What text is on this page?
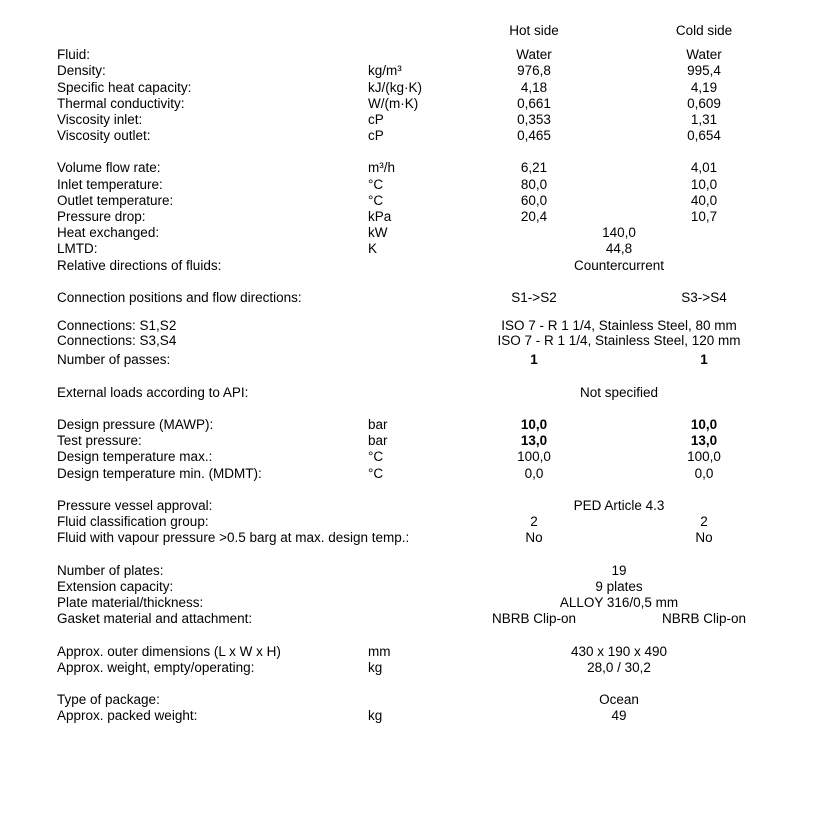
Hot side	Cold side
Fluid:	Water	Water
Density:	kg/m³	976,8	995,4
Specific heat capacity:	kJ/(kg·K)	4,18	4,19
Thermal conductivity:	W/(m·K)	0,661	0,609
Viscosity inlet:	cP	0,353	1,31
Viscosity outlet:	cP	0,465	0,654
Volume flow rate:	m³/h	6,21	4,01
Inlet temperature:	°C	80,0	10,0
Outlet temperature:	°C	60,0	40,0
Pressure drop:	kPa	20,4	10,7
Heat exchanged:	kW	140,0
LMTD:	K	44,8
Relative directions of fluids:	Countercurrent
Connection positions and flow directions:	S1->S2	S3->S4
Connections: S1,S2	ISO 7 - R 1 1/4, Stainless Steel, 80 mm
Connections: S3,S4	ISO 7 - R 1 1/4, Stainless Steel, 120 mm
Number of passes:	1	1
External loads according to API:	Not specified
Design pressure (MAWP):	bar	10,0	10,0
Test pressure:	bar	13,0	13,0
Design temperature max.:	°C	100,0	100,0
Design temperature min. (MDMT):	°C	0,0	0,0
Pressure vessel approval:	PED Article 4.3
Fluid classification group:	2	2
Fluid with vapour pressure >0.5 barg at max. design temp.:	No	No
Number of plates:	19
Extension capacity:	9 plates
Plate material/thickness:	ALLOY 316/0,5 mm
Gasket material and attachment:	NBRB Clip-on	NBRB Clip-on
Approx. outer dimensions (L x W x H)	mm	430 x 190 x 490
Approx. weight, empty/operating:	kg	28,0 / 30,2
Type of package:	Ocean
Approx. packed weight:	kg	49
